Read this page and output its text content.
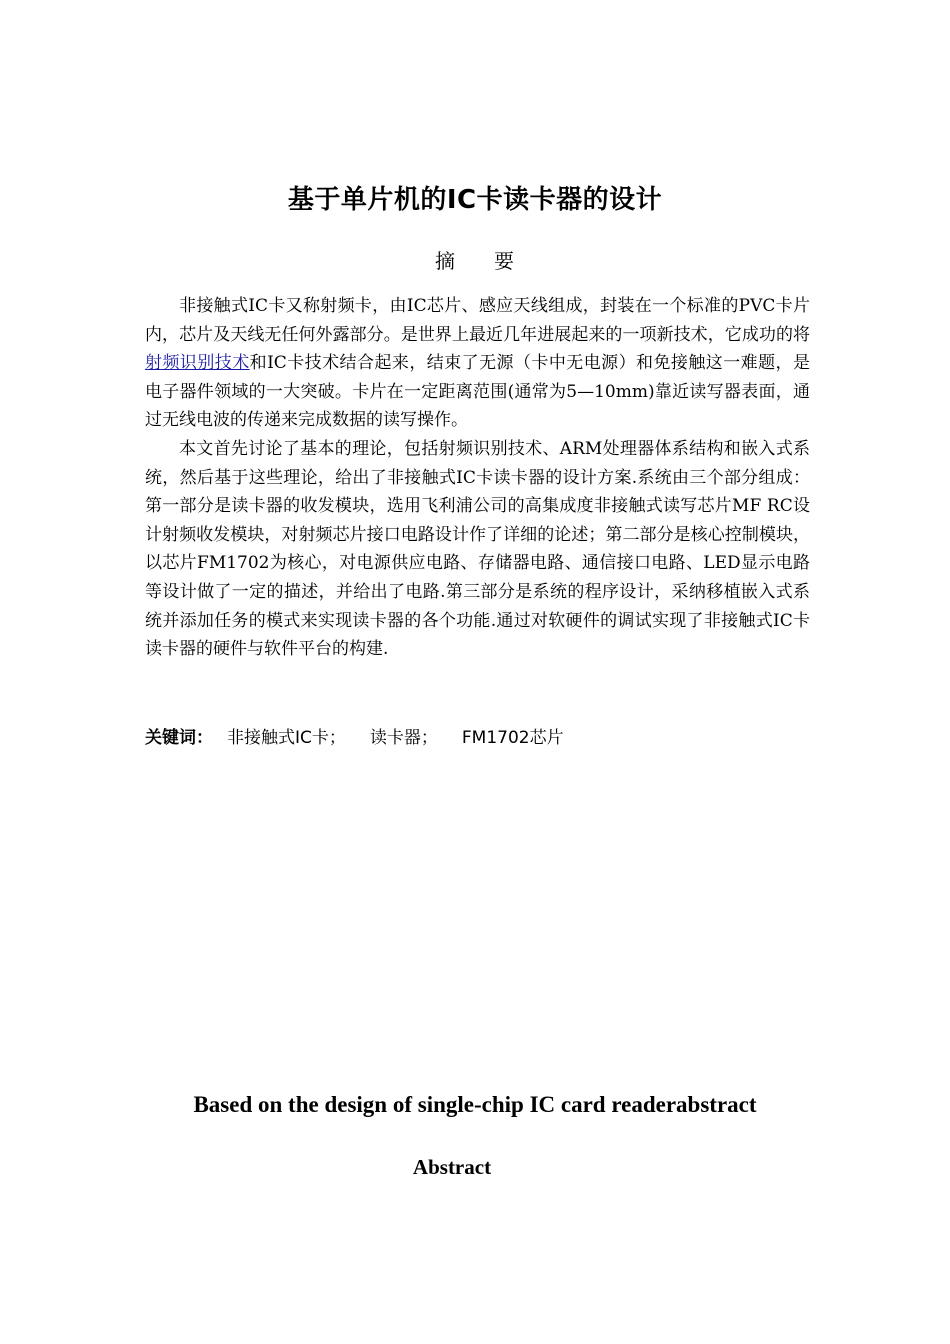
基于单片机的IC卡读卡器的设计
摘 要

非接触式IC卡又称射频卡，由IC芯片、感应天线组成，封装在一个标准的PVC卡片内，芯片及天线无任何外露部分。是世界上最近几年进展起来的一项新技术，它成功的将射频识别技术和IC卡技术结合起来，结束了无源（卡中无电源）和免接触这一难题，是电子器件领域的一大突破。卡片在一定距离范围(通常为5—10mm)靠近读写器表面，通过无线电波的传递来完成数据的读写操作。

本文首先讨论了基本的理论，包括射频识别技术、ARM处理器体系结构和嵌入式系统，然后基于这些理论，给出了非接触式IC卡读卡器的设计方案.系统由三个部分组成：第一部分是读卡器的收发模块，选用飞利浦公司的高集成度非接触式读写芯片MF RC设计射频收发模块，对射频芯片接口电路设计作了详细的论述；第二部分是核心控制模块，以芯片FM1702为核心，对电源供应电路、存储器电路、通信接口电路、LED显示电路等设计做了一定的描述，并给出了电路.第三部分是系统的程序设计，采纳移植嵌入式系统并添加任务的模式来实现读卡器的各个功能.通过对软硬件的调试实现了非接触式IC卡读卡器的硬件与软件平台的构建.

关键词： 非接触式IC卡； 读卡器； FM1702芯片
Based on the design of single-chip IC card readerabstract
Abstract
